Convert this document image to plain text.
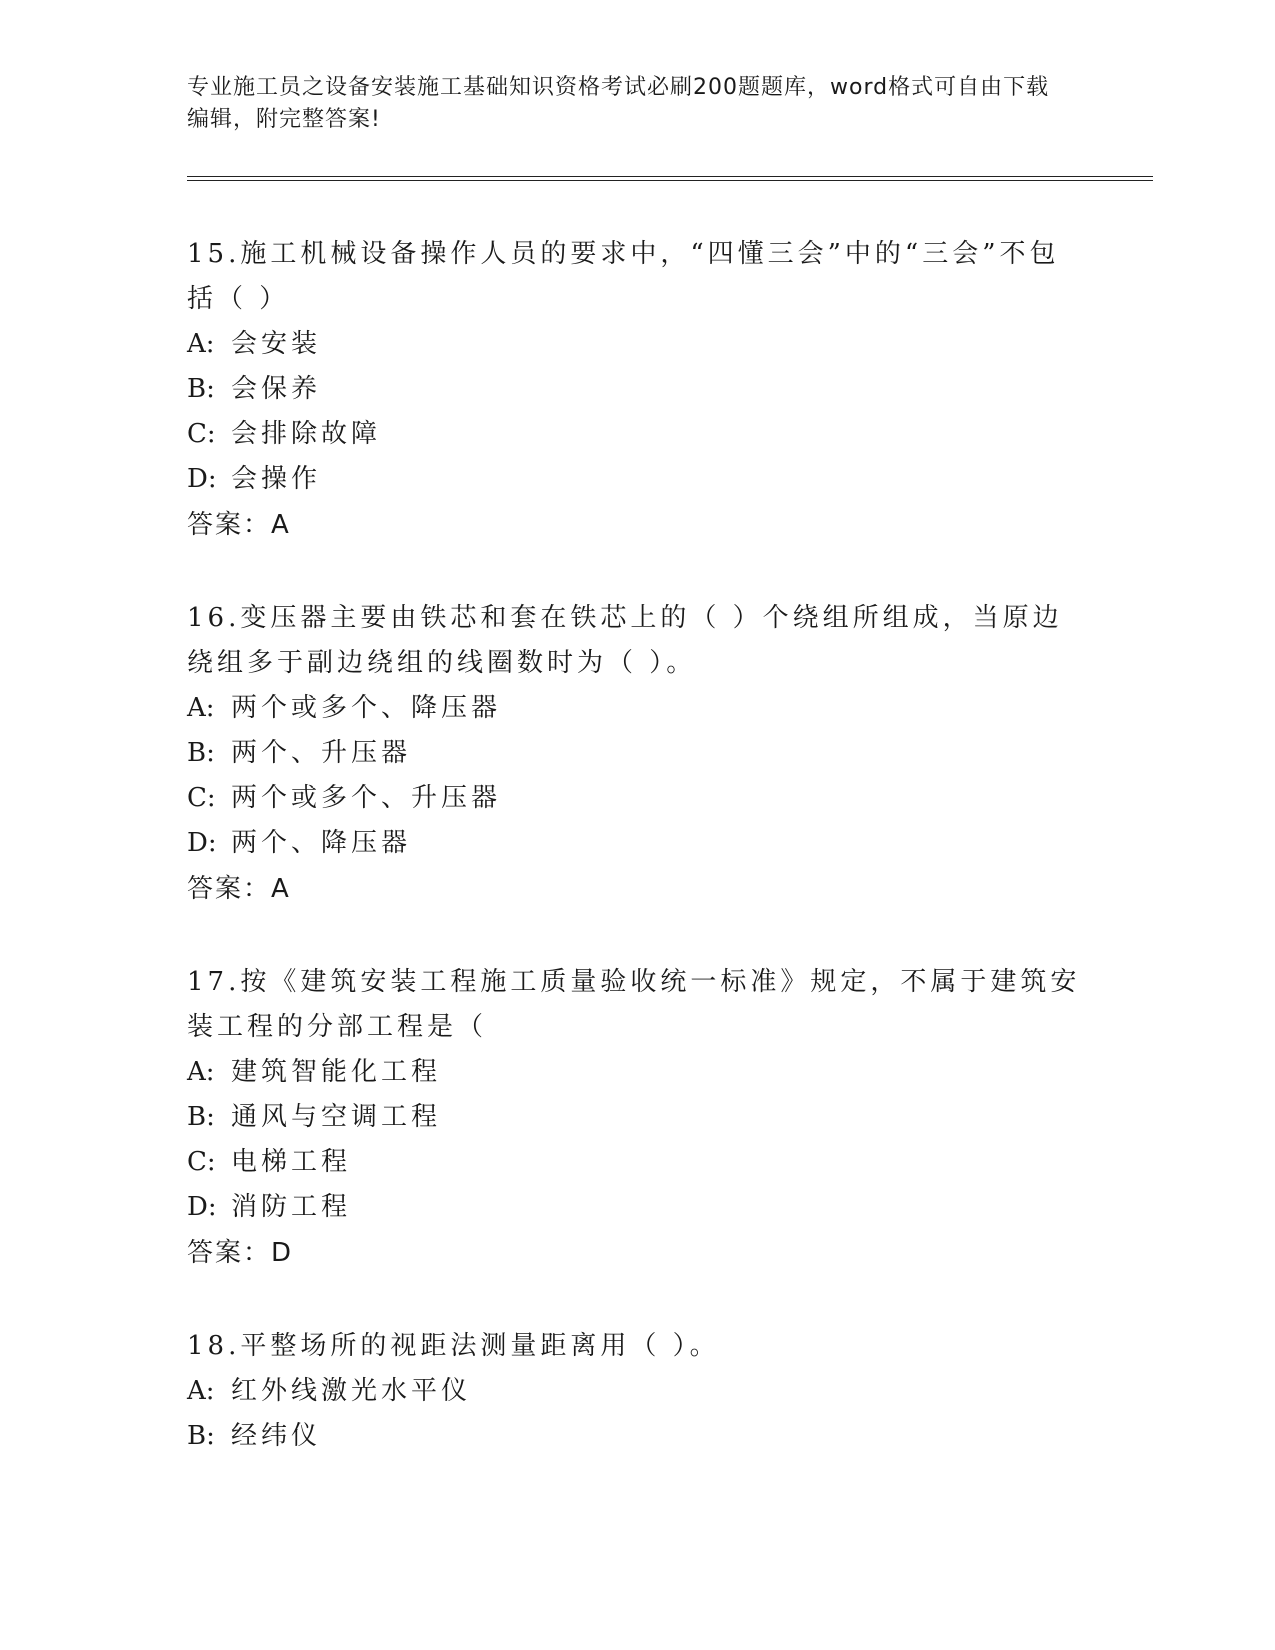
专业施工员之设备安装施工基础知识资格考试必刷200题题库，word格式可自由下载编辑，附完整答案!
15.施工机械设备操作人员的要求中，“四懂三会”中的“三会”不包括（ ）
A: 会安装
B: 会保养
C: 会排除故障
D: 会操作
答案：A
16.变压器主要由铁芯和套在铁芯上的（ ）个绕组所组成，当原边绕组多于副边绕组的线圈数时为（ ）。
A: 两个或多个、降压器
B: 两个、升压器
C: 两个或多个、升压器
D: 两个、降压器
答案：A
17.按《建筑安装工程施工质量验收统一标准》规定，不属于建筑安装工程的分部工程是（
A: 建筑智能化工程
B: 通风与空调工程
C: 电梯工程
D: 消防工程
答案：D
18.平整场所的视距法测量距离用（ ）。
A: 红外线激光水平仪
B: 经纬仪
